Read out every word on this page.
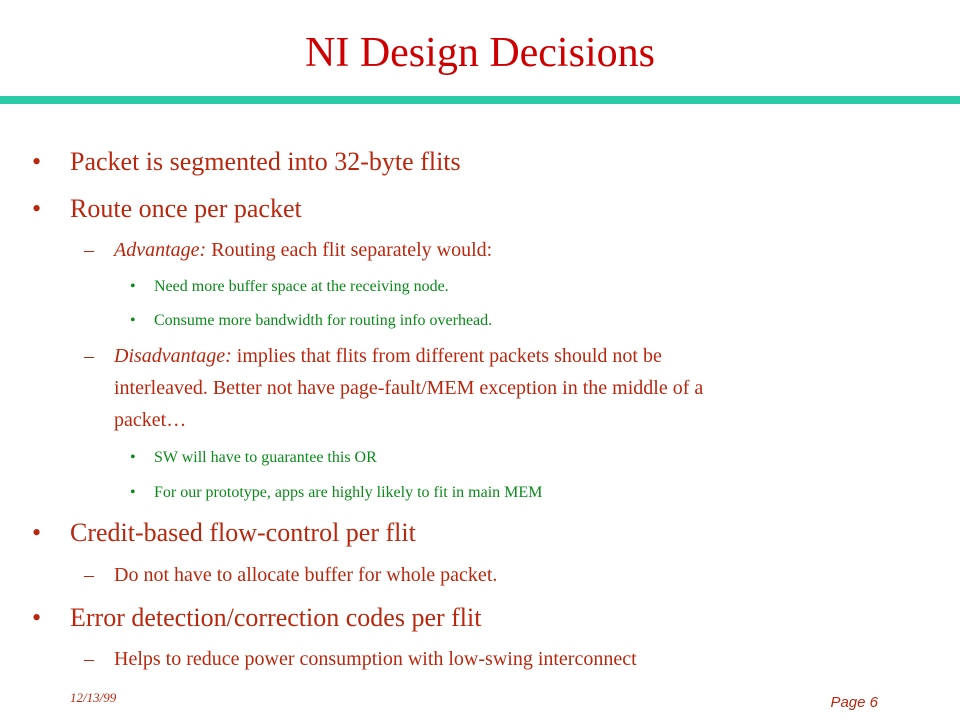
NI Design Decisions
• Packet is segmented into 32-byte flits
• Route once per packet
– Advantage: Routing each flit separately would:
• Need more buffer space at the receiving node.
• Consume more bandwidth for routing info overhead.
– Disadvantage: implies that flits from different packets should not be
interleaved. Better not have page-fault/MEM exception in the middle of a
packet…
• SW will have to guarantee this OR
• For our prototype, apps are highly likely to fit in main MEM
• Credit-based flow-control per flit
– Do not have to allocate buffer for whole packet.
• Error detection/correction codes per flit
– Helps to reduce power consumption with low-swing interconnect
12/13/99	Page 6
